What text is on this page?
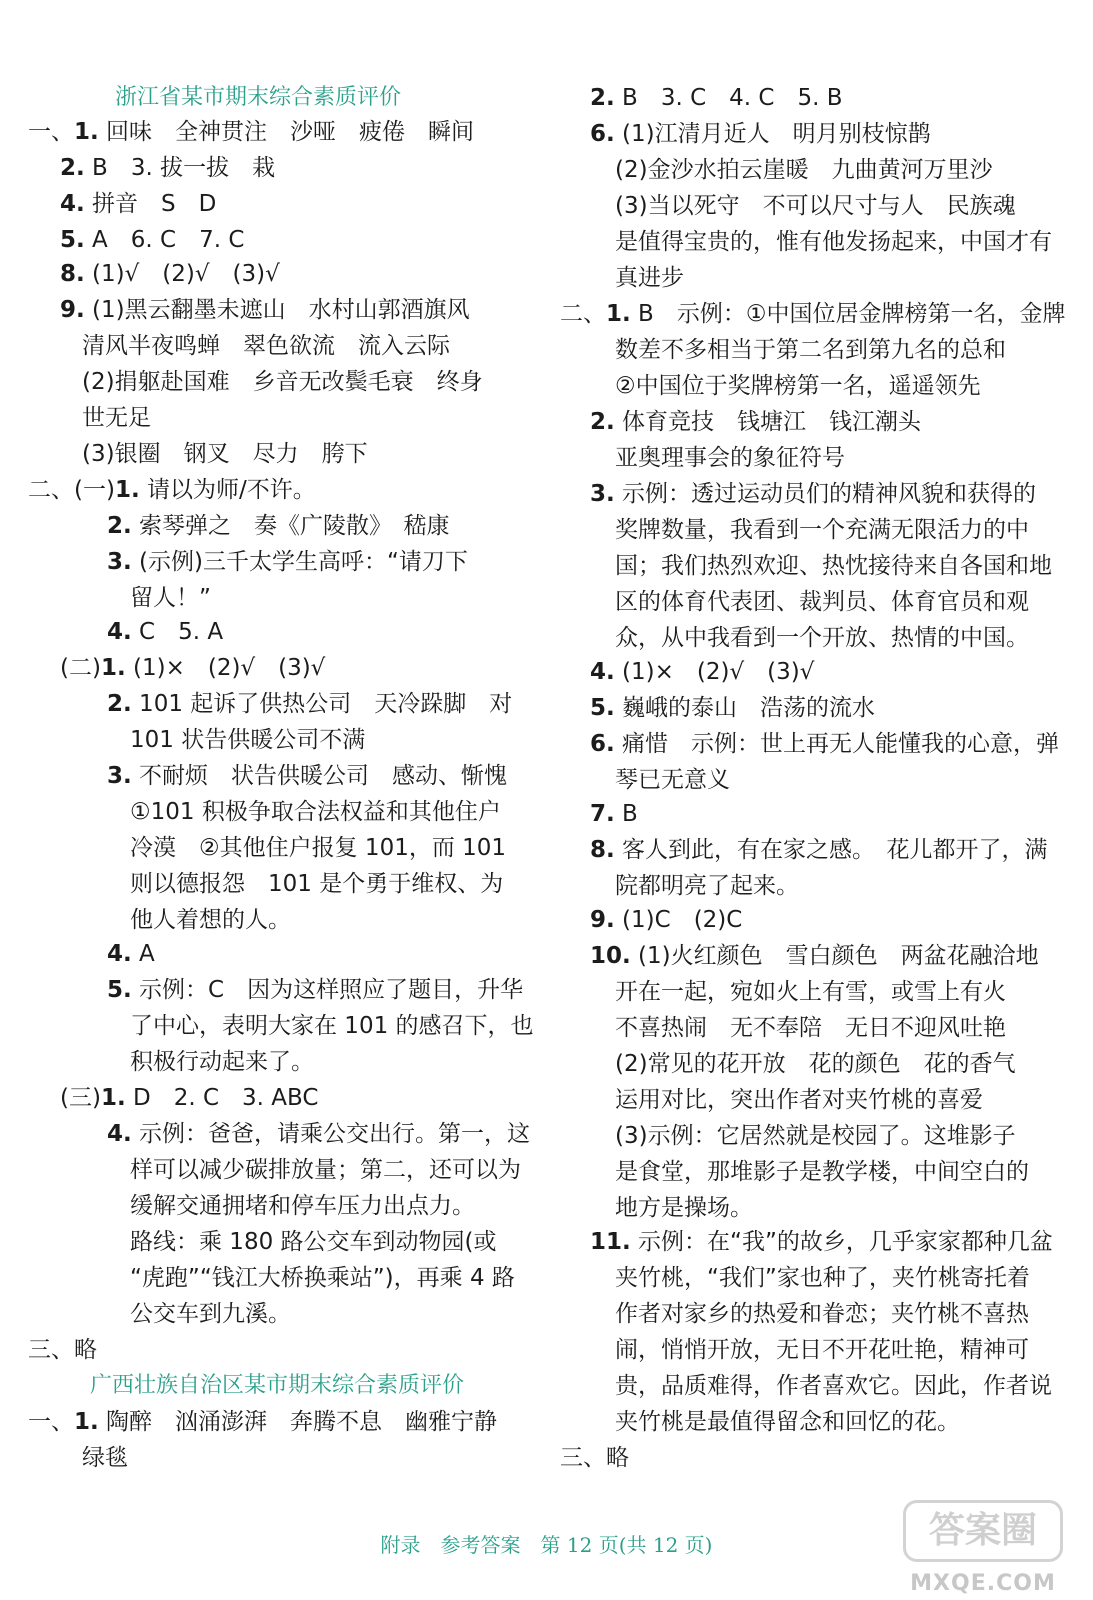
浙江省某市期末综合素质评价
一、1. 回味　全神贯注　沙哑　疲倦　瞬间
2. B　3. 拔一拔　栽
4. 拼音　S　D
5. A　6. C　7. C
8. (1)√　(2)√　(3)√
9. (1)黑云翻墨未遮山　水村山郭酒旗风
清风半夜鸣蝉　翠色欲流　流入云际
(2)捐躯赴国难　乡音无改鬓毛衰　终身
世无足
(3)银圈　钢叉　尽力　胯下
二、(一)1. 请以为师/不许。
2. 索琴弹之　奏《广陵散》　嵇康
3. (示例)三千太学生高呼：“请刀下
留人！”
4. C　5. A
(二)1. (1)×　(2)√　(3)√
2. 101 起诉了供热公司　天冷跺脚　对
101 状告供暖公司不满
3. 不耐烦　状告供暖公司　感动、惭愧
①101 积极争取合法权益和其他住户
冷漠　②其他住户报复 101，而 101
则以德报怨　101 是个勇于维权、为
他人着想的人。
4. A
5. 示例：C　因为这样照应了题目，升华
了中心，表明大家在 101 的感召下，也
积极行动起来了。
(三)1. D　2. C　3. ABC
4. 示例：爸爸，请乘公交出行。第一，这
样可以减少碳排放量；第二，还可以为
缓解交通拥堵和停车压力出点力。
路线：乘 180 路公交车到动物园(或
“虎跑”“钱江大桥换乘站”)，再乘 4 路
公交车到九溪。
三、略
广西壮族自治区某市期末综合素质评价
一、1. 陶醉　汹涌澎湃　奔腾不息　幽雅宁静
绿毯
2. B　3. C　4. C　5. B
6. (1)江清月近人　明月别枝惊鹊
(2)金沙水拍云崖暖　九曲黄河万里沙
(3)当以死守　不可以尺寸与人　民族魂
是值得宝贵的，惟有他发扬起来，中国才有
真进步
二、1. B　示例：①中国位居金牌榜第一名，金牌
数差不多相当于第二名到第九名的总和
②中国位于奖牌榜第一名，遥遥领先
2. 体育竞技　钱塘江　钱江潮头
亚奥理事会的象征符号
3. 示例：透过运动员们的精神风貌和获得的
奖牌数量，我看到一个充满无限活力的中
国；我们热烈欢迎、热忱接待来自各国和地
区的体育代表团、裁判员、体育官员和观
众，从中我看到一个开放、热情的中国。
4. (1)×　(2)√　(3)√
5. 巍峨的泰山　浩荡的流水
6. 痛惜　示例：世上再无人能懂我的心意，弹
琴已无意义
7. B
8. 客人到此，有在家之感。　花儿都开了，满
院都明亮了起来。
9. (1)C　(2)C
10. (1)火红颜色　雪白颜色　两盆花融洽地
开在一起，宛如火上有雪，或雪上有火
不喜热闹　无不奉陪　无日不迎风吐艳
(2)常见的花开放　花的颜色　花的香气
运用对比，突出作者对夹竹桃的喜爱
(3)示例：它居然就是校园了。这堆影子
是食堂，那堆影子是教学楼，中间空白的
地方是操场。
11. 示例：在“我”的故乡，几乎家家都种几盆
夹竹桃，“我们”家也种了，夹竹桃寄托着
作者对家乡的热爱和眷恋；夹竹桃不喜热
闹，悄悄开放，无日不开花吐艳，精神可
贵，品质难得，作者喜欢它。因此，作者说
夹竹桃是最值得留念和回忆的花。
三、略
附录　参考答案　第 12 页(共 12 页)	答案圈
MXQE.COM
